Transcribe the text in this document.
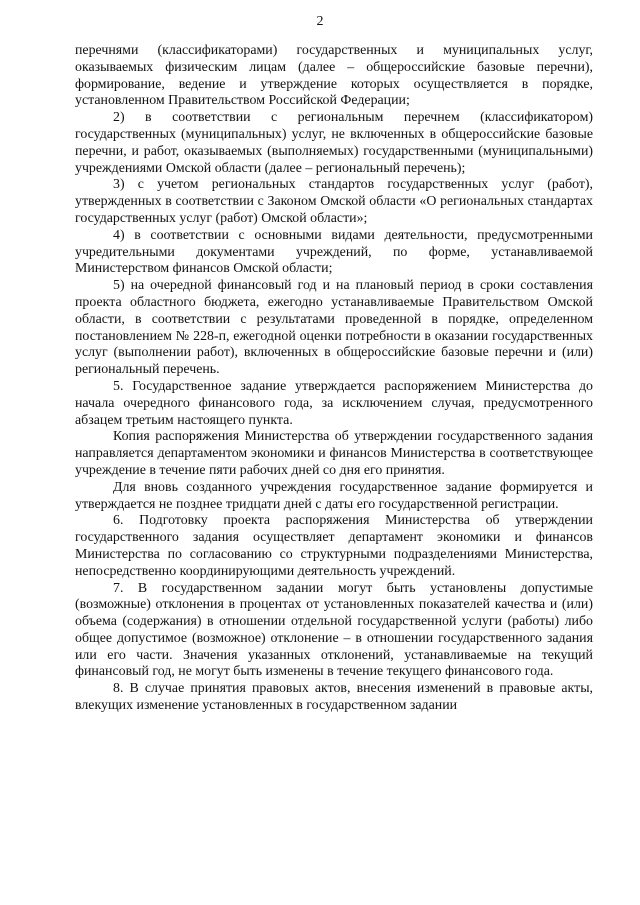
2

перечнями (классификаторами) государственных и муниципальных услуг, оказываемых физическим лицам (далее – общероссийские базовые перечни), формирование, ведение и утверждение которых осуществляется в порядке, установленном Правительством Российской Федерации;

2) в соответствии с региональным перечнем (классификатором) государственных (муниципальных) услуг, не включенных в общероссийские базовые перечни, и работ, оказываемых (выполняемых) государственными (муниципальными) учреждениями Омской области (далее – региональный перечень);

3) с учетом региональных стандартов государственных услуг (работ), утвержденных в соответствии с Законом Омской области «О региональных стандартах государственных услуг (работ) Омской области»;

4) в соответствии с основными видами деятельности, предусмотренными учредительными документами учреждений, по форме, устанавливаемой Министерством финансов Омской области;

5) на очередной финансовый год и на плановый период в сроки составления проекта областного бюджета, ежегодно устанавливаемые Правительством Омской области, в соответствии с результатами проведенной в порядке, определенном постановлением № 228-п, ежегодной оценки потребности в оказании государственных услуг (выполнении работ), включенных в общероссийские базовые перечни и (или) региональный перечень.

5. Государственное задание утверждается распоряжением Министерства до начала очередного финансового года, за исключением случая, предусмотренного абзацем третьим настоящего пункта.

Копия распоряжения Министерства об утверждении государственного задания направляется департаментом экономики и финансов Министерства в соответствующее учреждение в течение пяти рабочих дней со дня его принятия.

Для вновь созданного учреждения государственное задание формируется и утверждается не позднее тридцати дней с даты его государственной регистрации.

6. Подготовку проекта распоряжения Министерства об утверждении государственного задания осуществляет департамент экономики и финансов Министерства по согласованию со структурными подразделениями Министерства, непосредственно координирующими деятельность учреждений.

7. В государственном задании могут быть установлены допустимые (возможные) отклонения в процентах от установленных показателей качества и (или) объема (содержания) в отношении отдельной государственной услуги (работы) либо общее допустимое (возможное) отклонение – в отношении государственного задания или его части. Значения указанных отклонений, устанавливаемые на текущий финансовый год, не могут быть изменены в течение текущего финансового года.

8. В случае принятия правовых актов, внесения изменений в правовые акты, влекущих изменение установленных в государственном задании
